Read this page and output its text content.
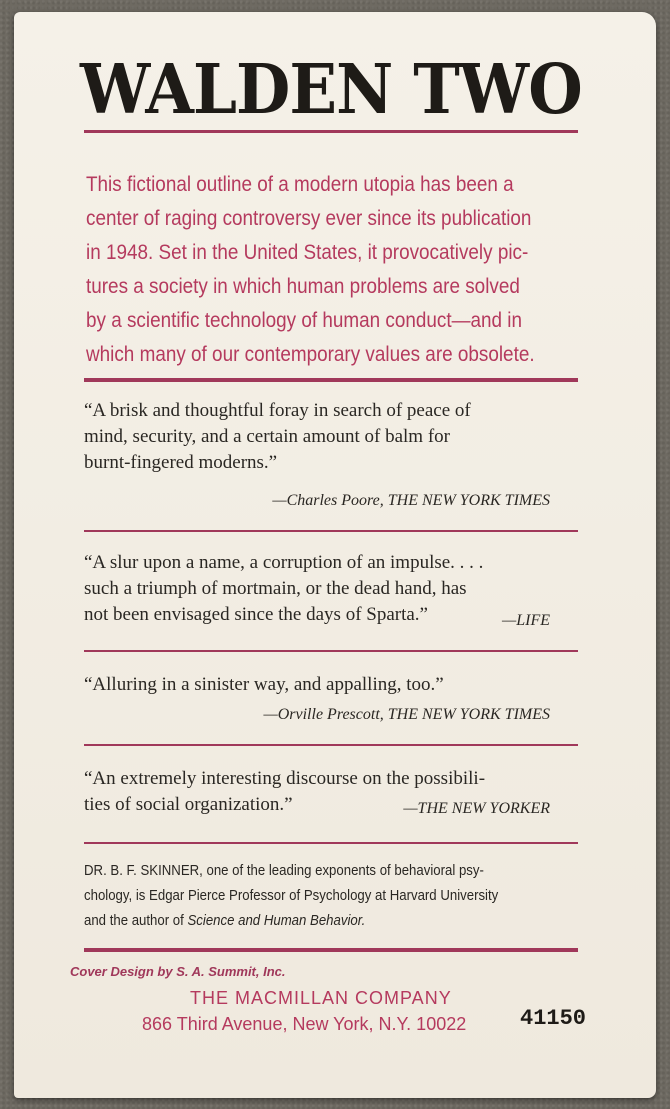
WALDEN TWO

This fictional outline of a modern utopia has been a
center of raging controversy ever since its publication
in 1948. Set in the United States, it provocatively pic-
tures a society in which human problems are solved
by a scientific technology of human conduct—and in
which many of our contemporary values are obsolete.

“A brisk and thoughtful foray in search of peace of
mind, security, and a certain amount of balm for
burnt-fingered moderns.”

—Charles Poore, THE NEW YORK TIMES

“A slur upon a name, a corruption of an impulse. . . .
such a triumph of mortmain, or the dead hand, has
not been envisaged since the days of Sparta.”	—LIFE

“Alluring in a sinister way, and appalling, too.”

—Orville Prescott, THE NEW YORK TIMES

“An extremely interesting discourse on the possibili-
ties of social organization.”	—THE NEW YORKER

DR. B. F. SKINNER, one of the leading exponents of behavioral psy-
chology, is Edgar Pierce Professor of Psychology at Harvard University
and the author of Science and Human Behavior.

Cover Design by S. A. Summit, Inc.
THE MACMILLAN COMPANY
866 Third Avenue, New York, N.Y. 10022 41150
